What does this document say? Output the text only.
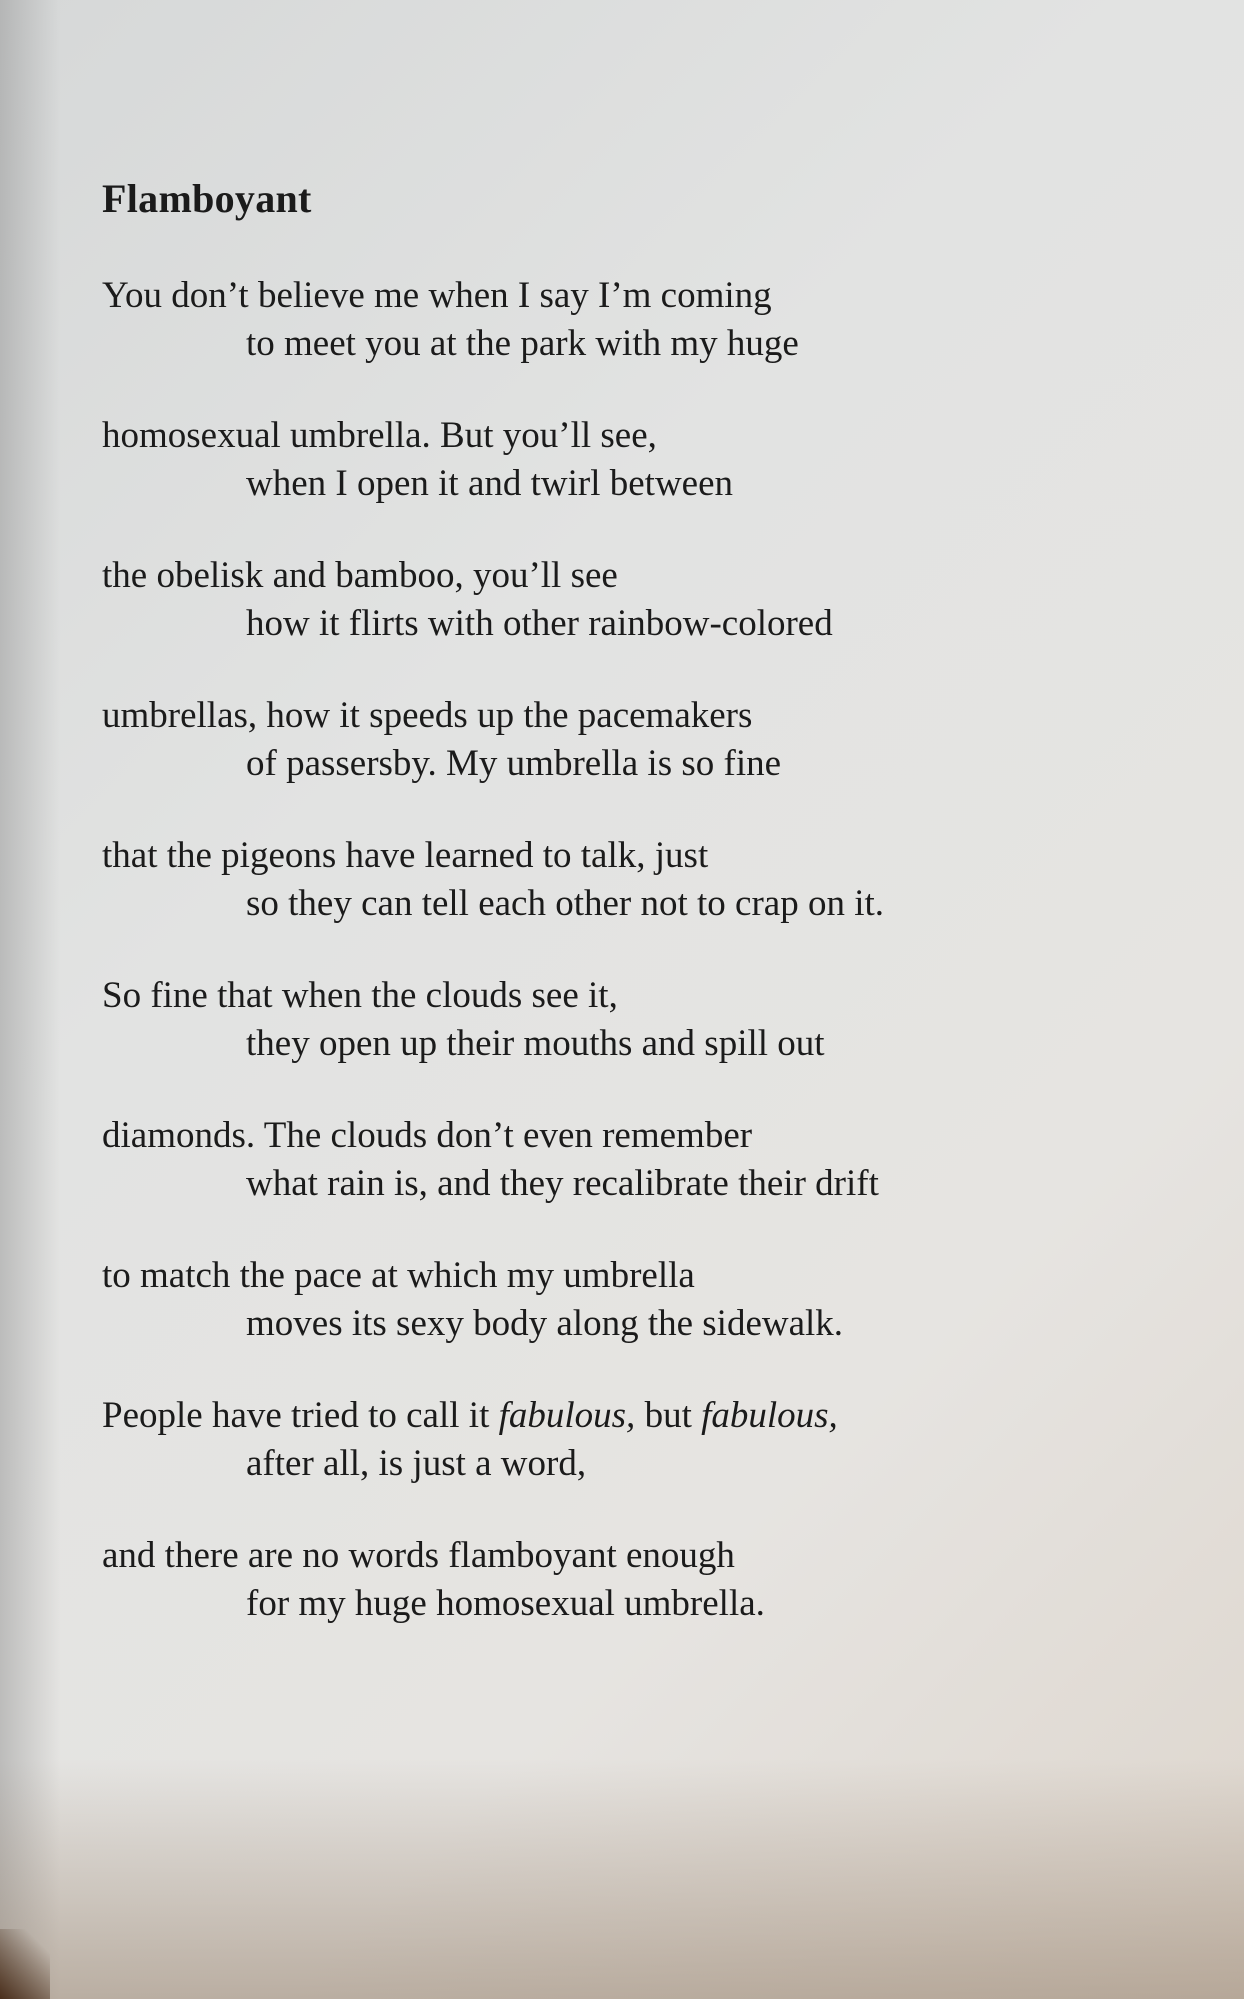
Flamboyant
You don’t believe me when I say I’m coming
to meet you at the park with my huge
homosexual umbrella. But you’ll see,
when I open it and twirl between
the obelisk and bamboo, you’ll see
how it flirts with other rainbow-colored
umbrellas, how it speeds up the pacemakers
of passersby. My umbrella is so fine
that the pigeons have learned to talk, just
so they can tell each other not to crap on it.
So fine that when the clouds see it,
they open up their mouths and spill out
diamonds. The clouds don’t even remember
what rain is, and they recalibrate their drift
to match the pace at which my umbrella
moves its sexy body along the sidewalk.
People have tried to call it fabulous, but fabulous,
after all, is just a word,
and there are no words flamboyant enough
for my huge homosexual umbrella.
